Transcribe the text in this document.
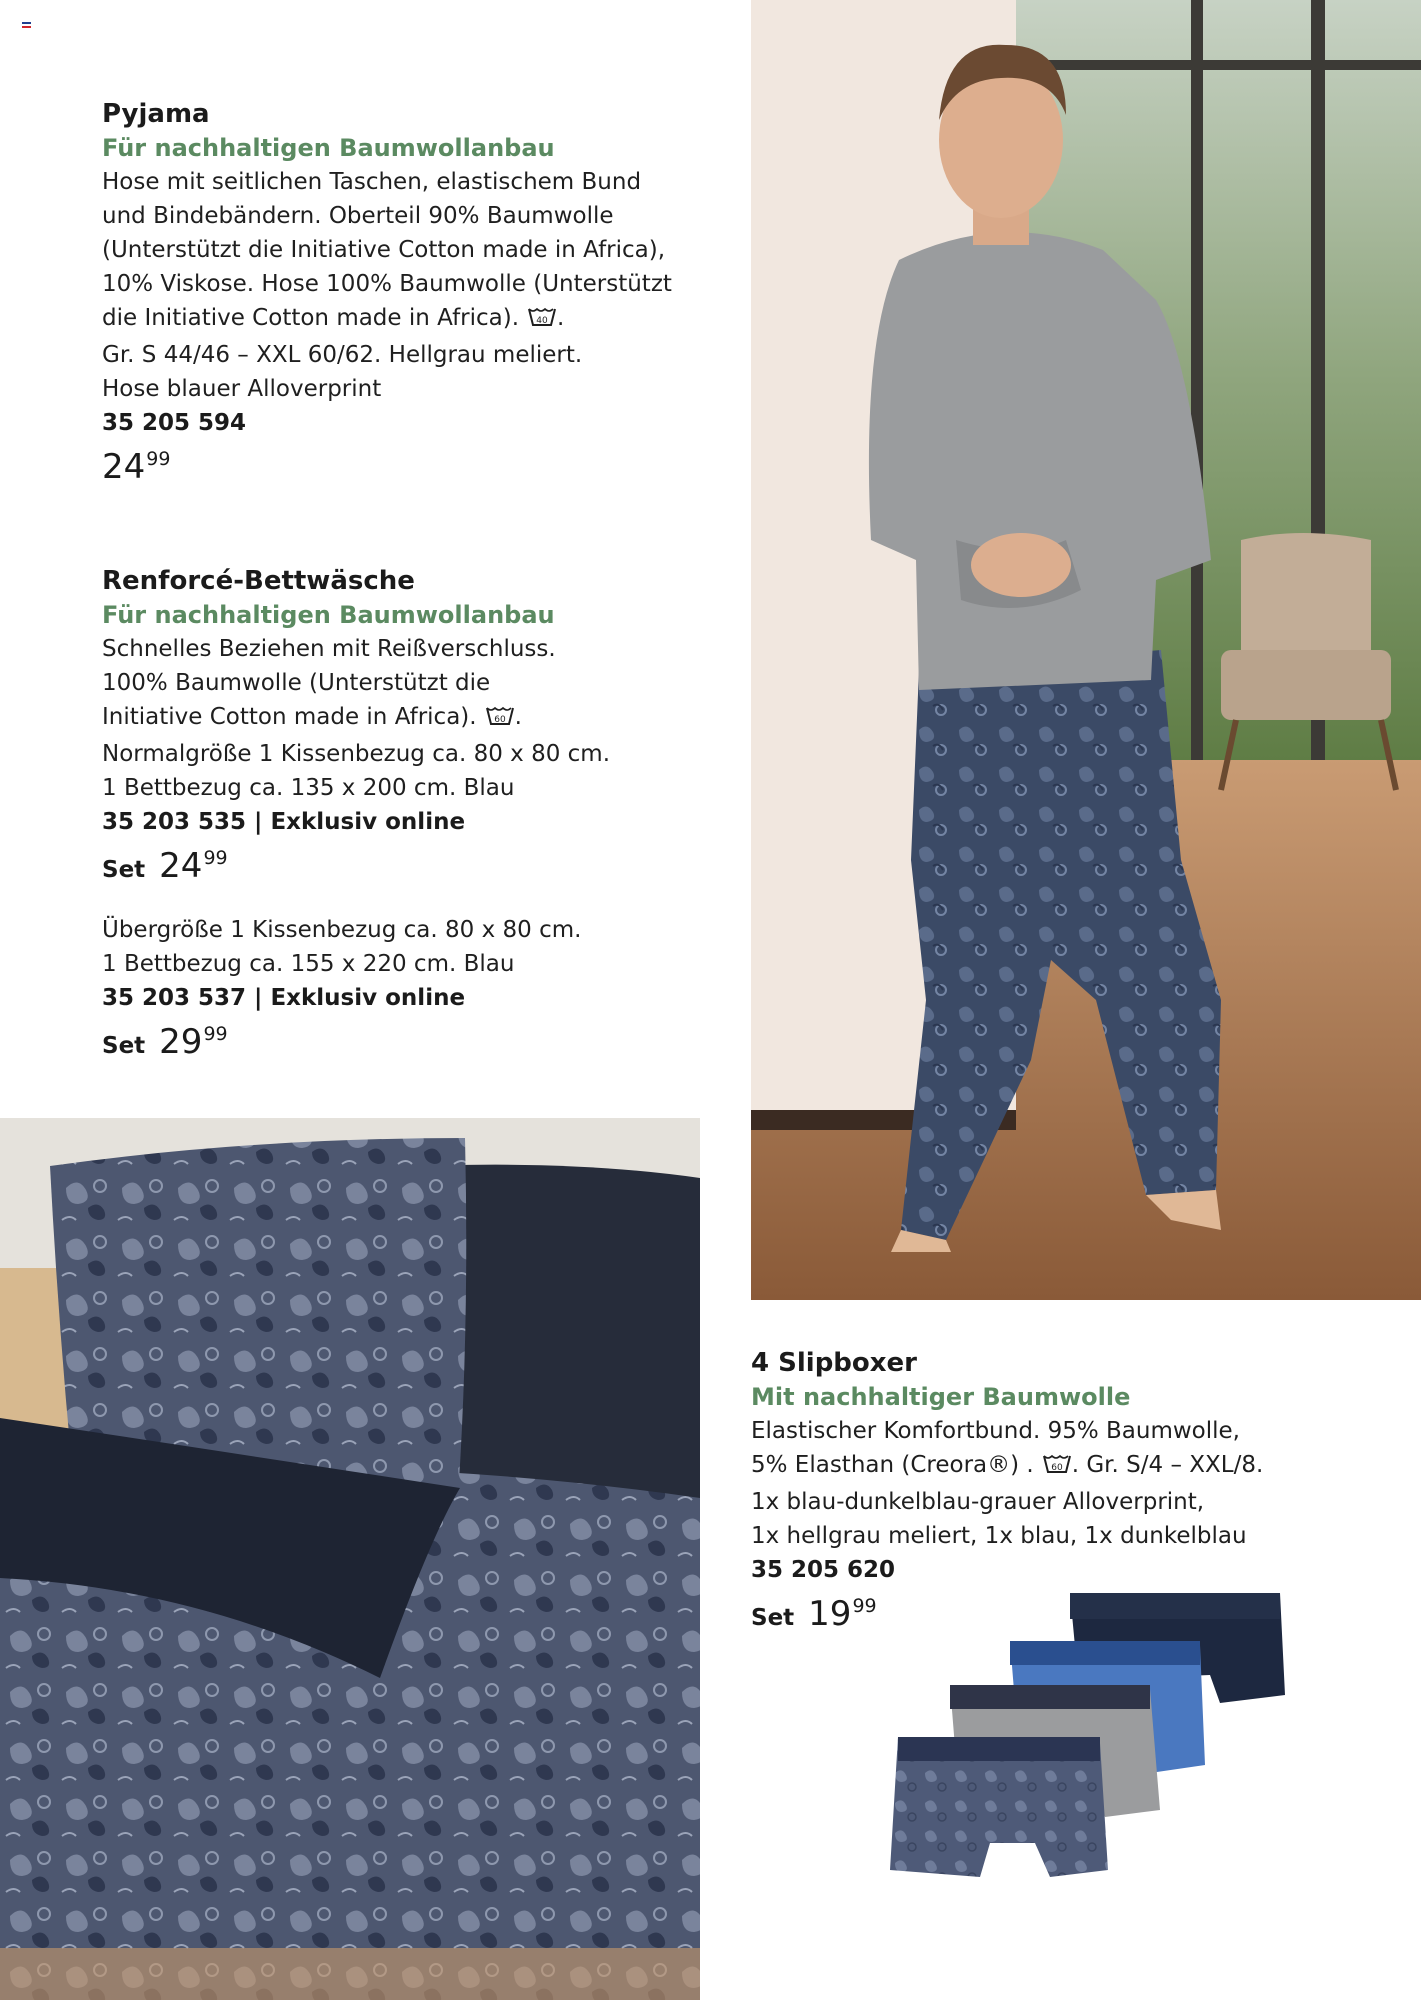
Pyjama
Für nachhaltigen Baumwollanbau

Hose mit seitlichen Taschen, elastischem Bund

und Bindebändern. Oberteil 90% Baumwolle

(Unterstützt die Initiative Cotton made in Africa),

10% Viskose. Hose 100% Baumwolle (Unterstützt

die Initiative Cotton made in Africa). 40 .

Gr. S 44/46 – XXL 60/62. Hellgrau meliert.

Hose blauer Alloverprint

35 205 594
24 99
Renforcé-Bettwäsche
Für nachhaltigen Baumwollanbau

Schnelles Beziehen mit Reißverschluss.

100% Baumwolle (Unterstützt die

Initiative Cotton made in Africa). 60 .

Normalgröße 1 Kissenbezug ca. 80 x 80 cm.

1 Bettbezug ca. 135 x 200 cm. Blau

35 203 535 | Exklusiv online
Set 24 99

Übergröße 1 Kissenbezug ca. 80 x 80 cm.

1 Bettbezug ca. 155 x 220 cm. Blau

35 203 537 | Exklusiv online
Set 29 99
4 Slipboxer
Mit nachhaltiger Baumwolle

Elastischer Komfortbund. 95% Baumwolle,

5% Elasthan (Creora®) . 60 . Gr. S/4 – XXL/8.

1x blau-dunkelblau-grauer Alloverprint,

1x hellgrau meliert, 1x blau, 1x dunkelblau

35 205 620
Set 19 99
